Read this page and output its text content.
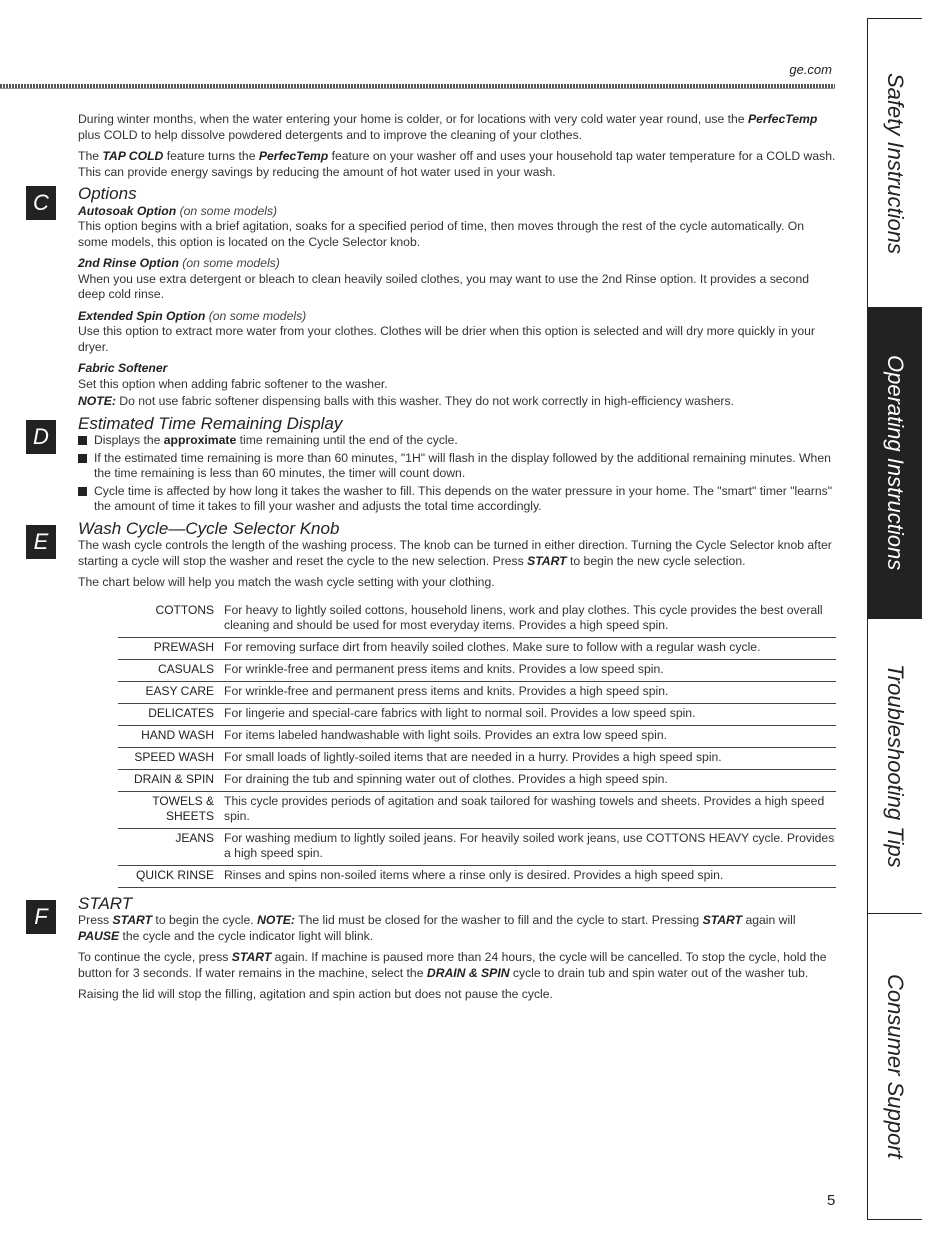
ge.com

During winter months, when the water entering your home is colder, or for locations with very cold water year round, use the PerfecTemp plus COLD to help dissolve powdered detergents and to improve the cleaning of your clothes.

The TAP COLD feature turns the PerfecTemp feature on your washer off and uses your household tap water temperature for a COLD wash. This can provide energy savings by reducing the amount of hot water used in your wash.

C	Options
Autosoak Option (on some models)

This option begins with a brief agitation, soaks for a specified period of time, then moves through the rest of the cycle automatically. On some models, this option is located on the Cycle Selector knob.

2nd Rinse Option (on some models)

When you use extra detergent or bleach to clean heavily soiled clothes, you may want to use the 2nd Rinse option. It provides a second deep cold rinse.

Extended Spin Option (on some models)

Use this option to extract more water from your clothes. Clothes will be drier when this option is selected and will dry more quickly in your dryer.

Fabric Softener

Set this option when adding fabric softener to the washer.

NOTE: Do not use fabric softener dispensing balls with this washer. They do not work correctly in high-efficiency washers.

D
Estimated Time Remaining Display
Displays the approximate time remaining until the end of the cycle.
If the estimated time remaining is more than 60 minutes, "1H" will flash in the display followed by the additional remaining minutes. When the time remaining is less than 60 minutes, the timer will count down.
Cycle time is affected by how long it takes the washer to fill. This depends on the water pressure in your home. The "smart" timer "learns" the amount of time it takes to fill your washer and adjusts the total time accordingly.
E
Wash Cycle—Cycle Selector Knob

The wash cycle controls the length of the washing process. The knob can be turned in either direction. Turning the Cycle Selector knob after starting a cycle will stop the washer and reset the cycle to the new selection. Press START to begin the new cycle selection.

The chart below will help you match the wash cycle setting with your clothing.

COTTONS	For heavy to lightly soiled cottons, household linens, work and play clothes. This cycle provides the best overall cleaning and should be used for most everyday items. Provides a high speed spin.
PREWASH	For removing surface dirt from heavily soiled clothes. Make sure to follow with a regular wash cycle.
CASUALS	For wrinkle-free and permanent press items and knits. Provides a low speed spin.
EASY CARE	For wrinkle-free and permanent press items and knits. Provides a high speed spin.
DELICATES	For lingerie and special-care fabrics with light to normal soil. Provides a low speed spin.
HAND WASH	For items labeled handwashable with light soils. Provides an extra low speed spin.
SPEED WASH	For small loads of lightly-soiled items that are needed in a hurry. Provides a high speed spin.
DRAIN & SPIN	For draining the tub and spinning water out of clothes. Provides a high speed spin.
TOWELS & SHEETS	This cycle provides periods of agitation and soak tailored for washing towels and sheets. Provides a high speed spin.
JEANS	For washing medium to lightly soiled jeans. For heavily soiled work jeans, use COTTONS HEAVY cycle. Provides a high speed spin.
QUICK RINSE	Rinses and spins non-soiled items where a rinse only is desired. Provides a high speed spin.
F
START

Press START to begin the cycle. NOTE: The lid must be closed for the washer to fill and the cycle to start. Pressing START again will PAUSE the cycle and the cycle indicator light will blink.

To continue the cycle, press START again. If machine is paused more than 24 hours, the cycle will be cancelled. To stop the cycle, hold the button for 3 seconds. If water remains in the machine, select the DRAIN & SPIN cycle to drain tub and spin water out of the washer tub.

Raising the lid will stop the filling, agitation and spin action but does not pause the cycle.

Safety Instructions
Operating Instructions
Troubleshooting Tips
Consumer Support
5
